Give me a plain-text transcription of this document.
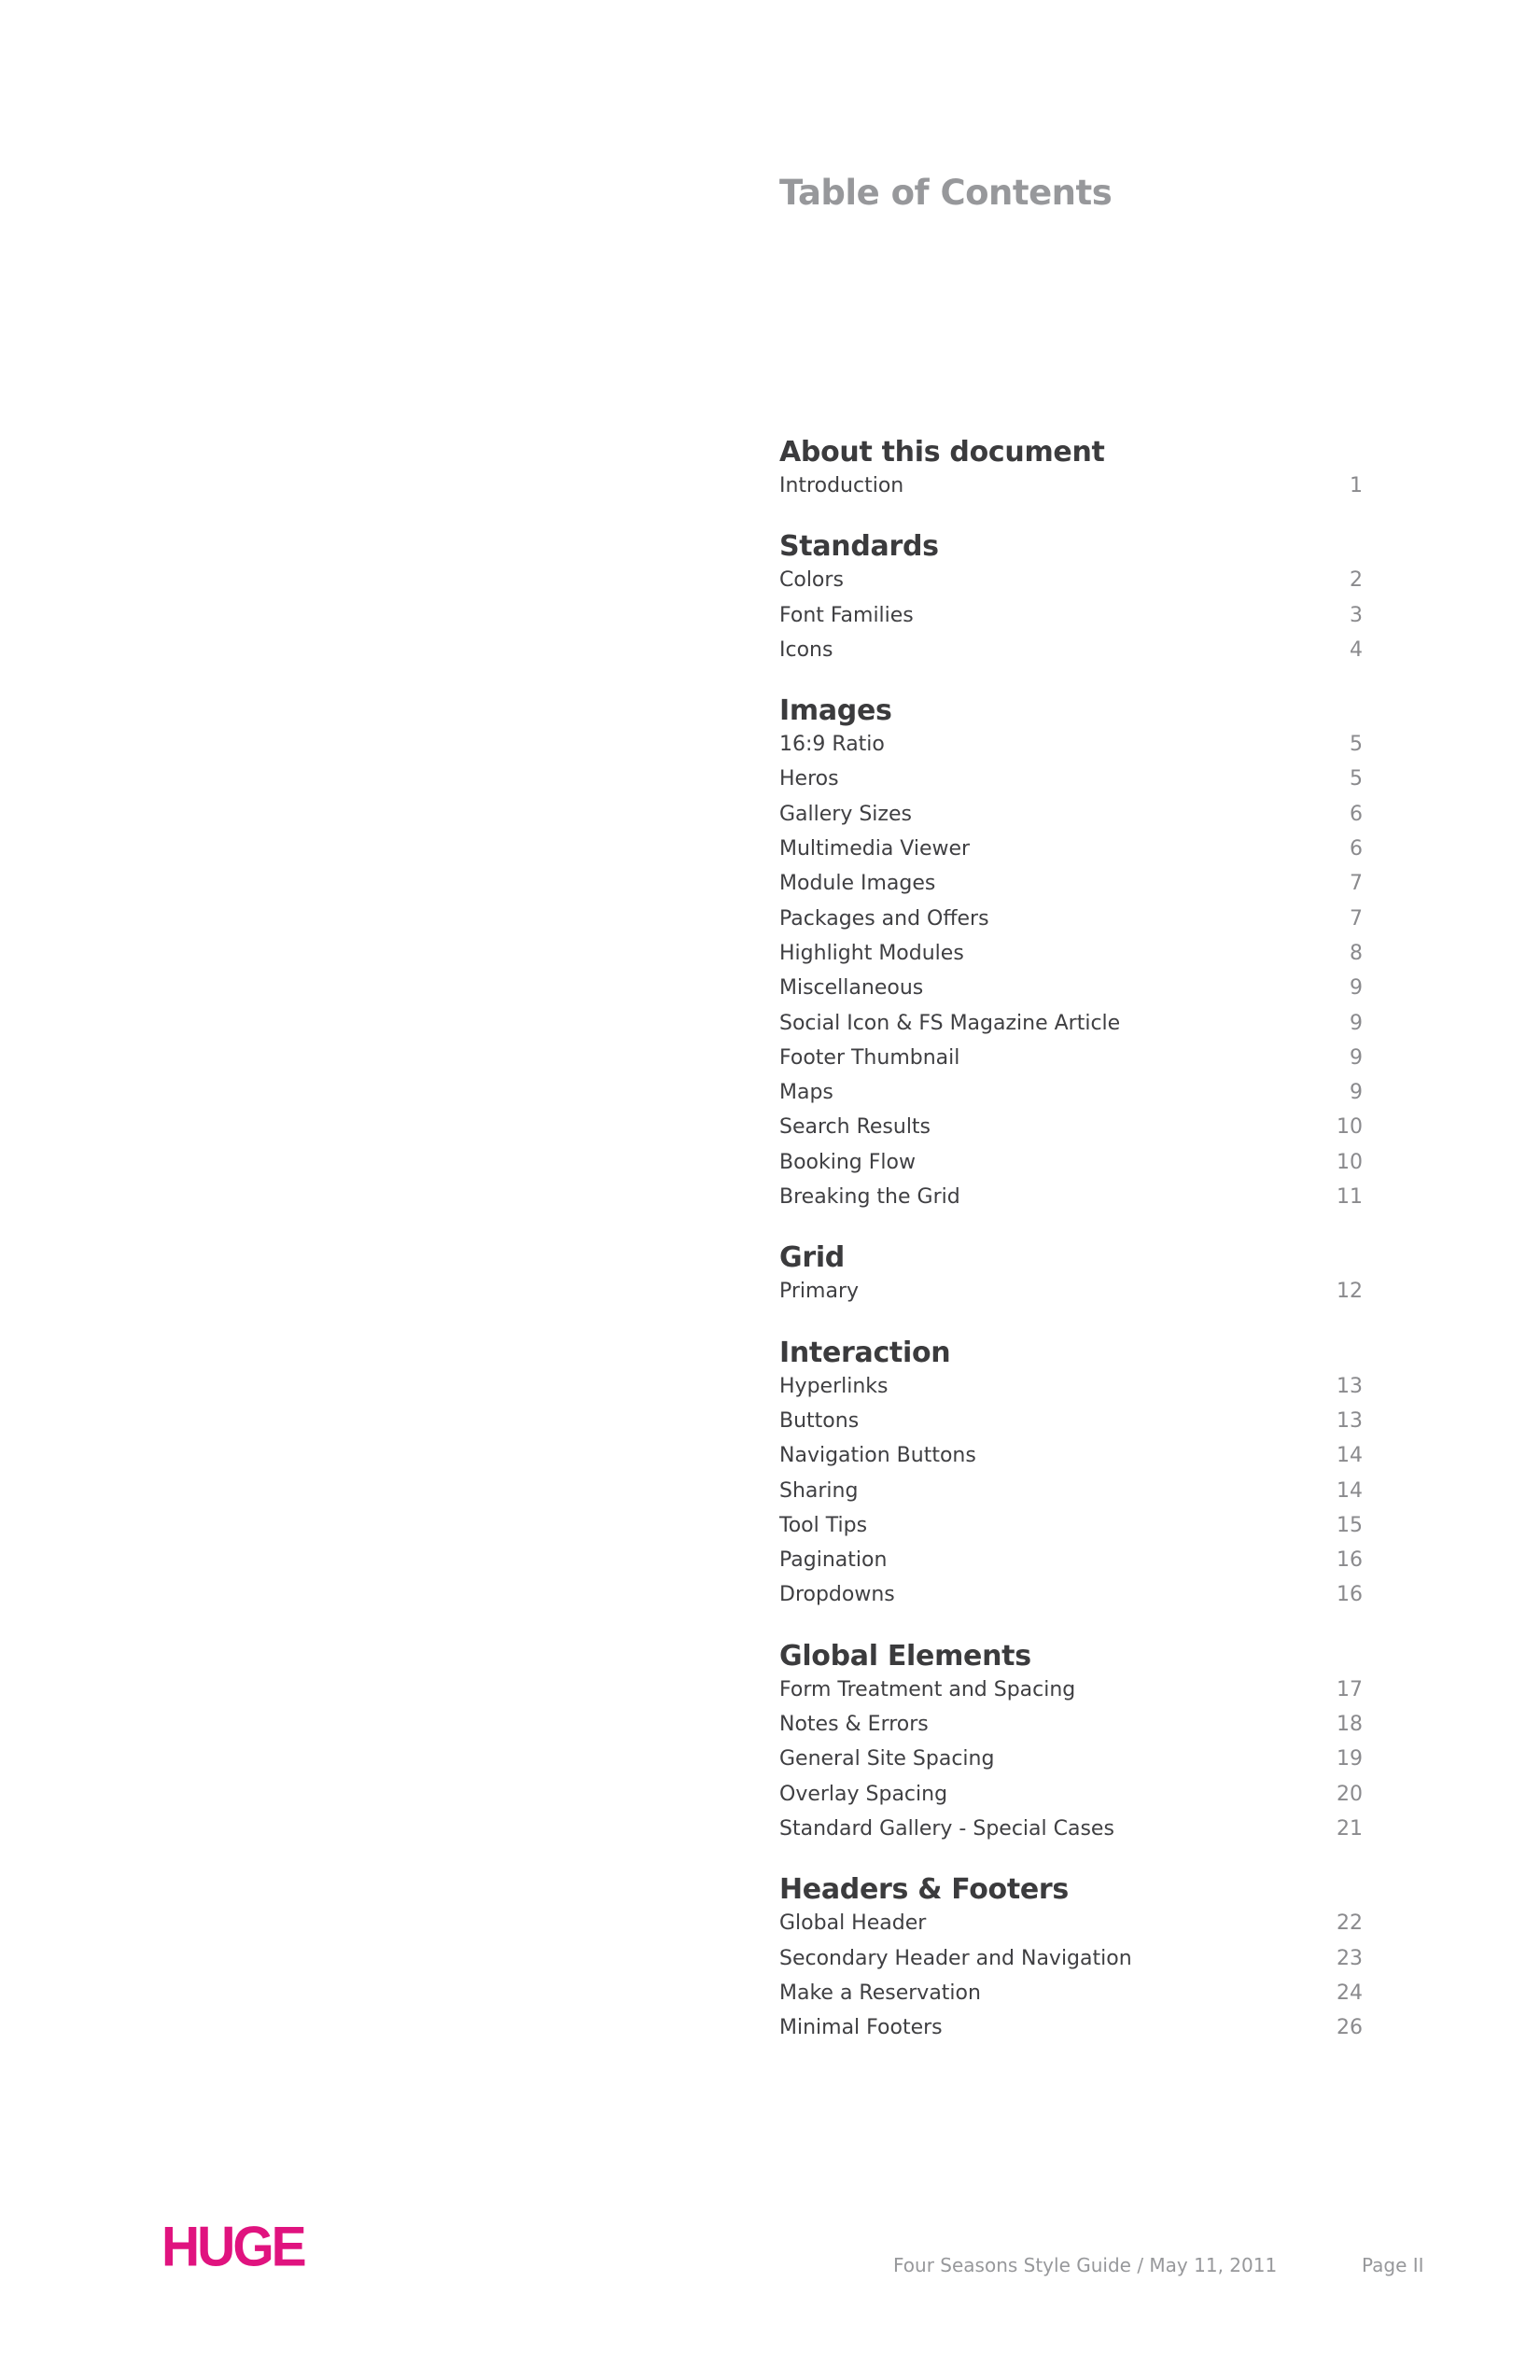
Table of Contents
About this document
Introduction	1
Standards
Colors	2
Font Families	3
Icons	4
Images
16:9 Ratio	5
Heros	5
Gallery Sizes	6
Multimedia Viewer	6
Module Images	7
Packages and Offers	7
Highlight Modules	8
Miscellaneous	9
Social Icon & FS Magazine Article	9
Footer Thumbnail	9
Maps	9
Search Results	10
Booking Flow	10
Breaking the Grid	11
Grid
Primary	12
Interaction
Hyperlinks	13
Buttons	13
Navigation Buttons	14
Sharing	14
Tool Tips	15
Pagination	16
Dropdowns	16
Global Elements
Form Treatment and Spacing	17
Notes & Errors	18
General Site Spacing	19
Overlay Spacing	20
Standard Gallery - Special Cases	21
Headers & Footers
Global Header	22
Secondary Header and Navigation	23
Make a Reservation	24
Minimal Footers	26
HUGE	Four Seasons Style Guide / May 11, 2011	Page II
